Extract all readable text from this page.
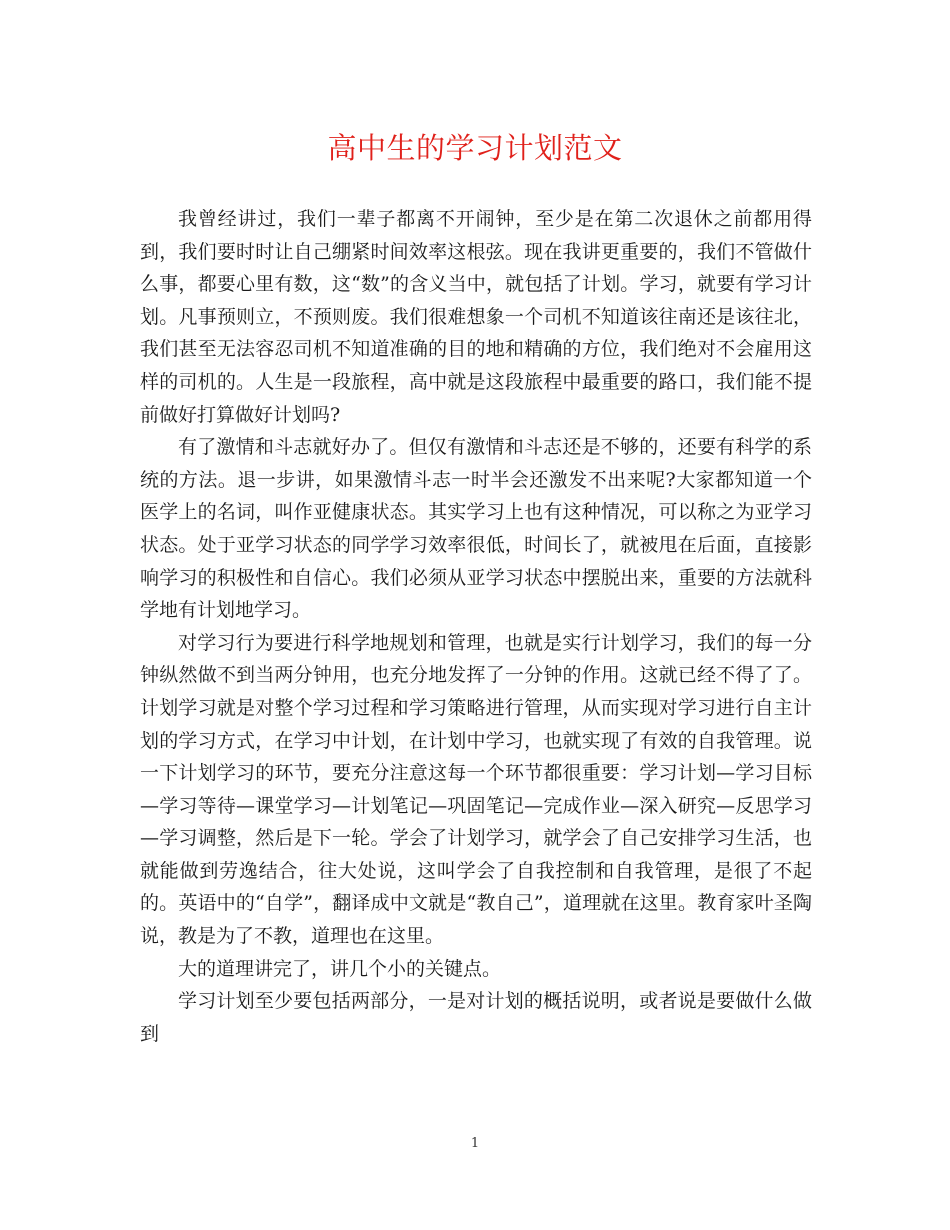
高中生的学习计划范文

我曾经讲过，我们一辈子都离不开闹钟，至少是在第二次退休之前都用得到，我们要时时让自己绷紧时间效率这根弦。现在我讲更重要的，我们不管做什么事，都要心里有数，这“数”的含义当中，就包括了计划。学习，就要有学习计划。凡事预则立，不预则废。我们很难想象一个司机不知道该往南还是该往北，我们甚至无法容忍司机不知道准确的目的地和精确的方位，我们绝对不会雇用这样的司机的。人生是一段旅程，高中就是这段旅程中最重要的路口，我们能不提前做好打算做好计划吗?

有了激情和斗志就好办了。但仅有激情和斗志还是不够的，还要有科学的系统的方法。退一步讲，如果激情斗志一时半会还激发不出来呢?大家都知道一个医学上的名词，叫作亚健康状态。其实学习上也有这种情况，可以称之为亚学习状态。处于亚学习状态的同学学习效率很低，时间长了，就被甩在后面，直接影响学习的积极性和自信心。我们必须从亚学习状态中摆脱出来，重要的方法就科学地有计划地学习。

对学习行为要进行科学地规划和管理，也就是实行计划学习，我们的每一分钟纵然做不到当两分钟用，也充分地发挥了一分钟的作用。这就已经不得了了。计划学习就是对整个学习过程和学习策略进行管理，从而实现对学习进行自主计划的学习方式，在学习中计划，在计划中学习，也就实现了有效的自我管理。说一下计划学习的环节，要充分注意这每一个环节都很重要：学习计划—学习目标—学习等待—课堂学习—计划笔记—巩固笔记—完成作业—深入研究—反思学习—学习调整，然后是下一轮。学会了计划学习，就学会了自己安排学习生活，也就能做到劳逸结合，往大处说，这叫学会了自我控制和自我管理，是很了不起的。英语中的“自学”，翻译成中文就是“教自己”，道理就在这里。教育家叶圣陶说，教是为了不教，道理也在这里。

大的道理讲完了，讲几个小的关键点。

学习计划至少要包括两部分，一是对计划的概括说明，或者说是要做什么做到

1
